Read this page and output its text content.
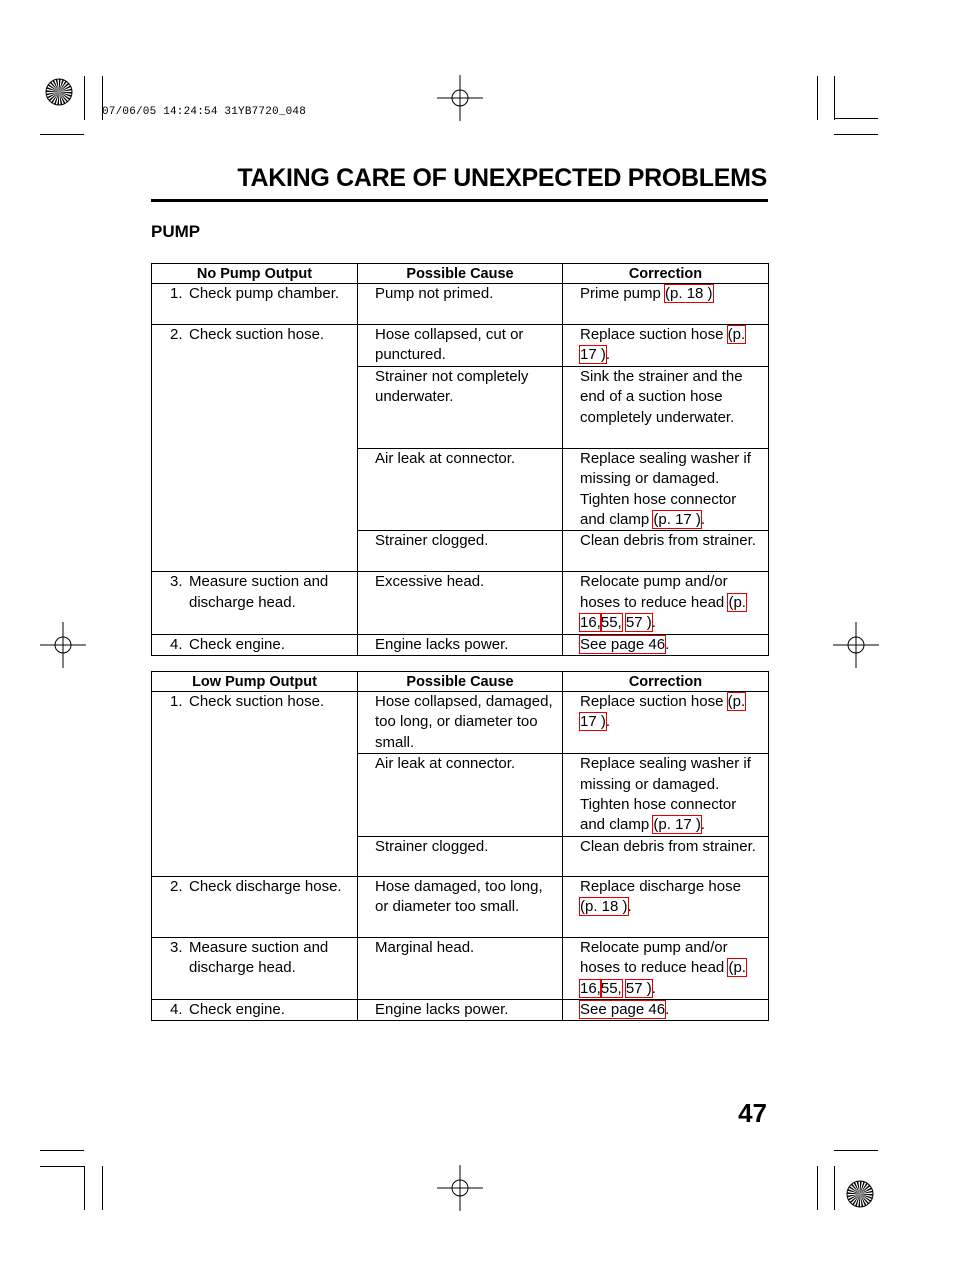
07/06/05 14:24:54 31YB7720_048
TAKING CARE OF UNEXPECTED PROBLEMS
PUMP
No Pump Output	Possible Cause	Correction

1. Check pump chamber.	Pump not primed.	Prime pump (p. 18 )

2. Check suction hose.	Hose collapsed, cut or punctured.	Replace suction hose (p. 17 ).
	Strainer not completely underwater.	Sink the strainer and the end of a suction hose completely underwater.
	Air leak at connector.	Replace sealing washer if missing or damaged. Tighten hose connector and clamp (p. 17 ).
	Strainer clogged.	Clean debris from strainer.

3. Measure suction and discharge head.	Excessive head.	Relocate pump and/or hoses to reduce head (p. 16,55, 57 ).

4. Check engine.	Engine lacks power.	See page 46.
Low Pump Output	Possible Cause	Correction

1. Check suction hose.	Hose collapsed, damaged, too long, or diameter too small.	Replace suction hose (p. 17 ).
	Air leak at connector.	Replace sealing washer if missing or damaged. Tighten hose connector and clamp (p. 17 ).
	Strainer clogged.	Clean debris from strainer.

2. Check discharge hose.	Hose damaged, too long, or diameter too small.	Replace discharge hose (p. 18 ).

3. Measure suction and discharge head.	Marginal head.	Relocate pump and/or hoses to reduce head (p. 16,55, 57 ).

4. Check engine.	Engine lacks power.	See page 46.
47
